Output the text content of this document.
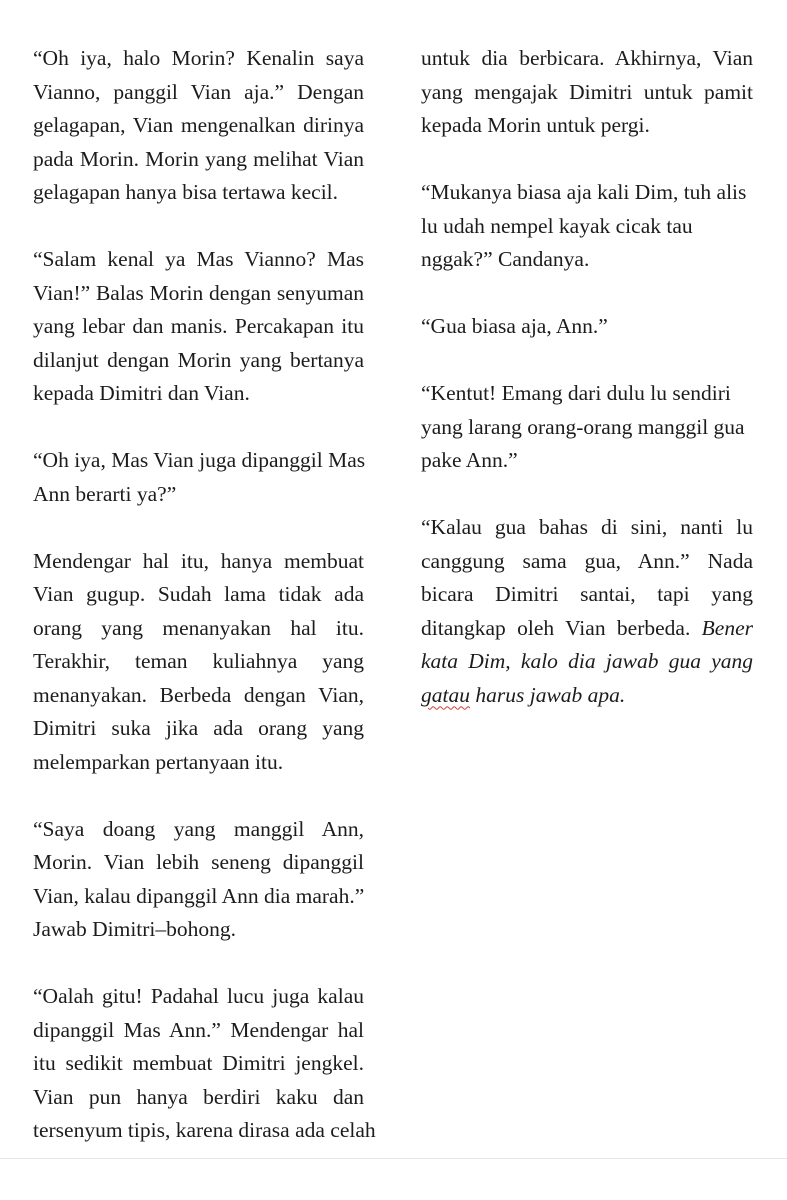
“Oh iya, halo Morin? Kenalin saya
Vianno, panggil Vian aja.” Dengan
gelagapan, Vian mengenalkan dirinya
pada Morin. Morin yang melihat Vian
gelagapan hanya bisa tertawa kecil.
“Salam kenal ya Mas Vianno? Mas
Vian!” Balas Morin dengan senyuman
yang lebar dan manis. Percakapan itu
dilanjut dengan Morin yang bertanya
kepada Dimitri dan Vian.
“Oh iya, Mas Vian juga dipanggil Mas
Ann berarti ya?”
Mendengar hal itu, hanya membuat
Vian gugup. Sudah lama tidak ada
orang yang menanyakan hal itu.
Terakhir, teman kuliahnya yang
menanyakan. Berbeda dengan Vian,
Dimitri suka jika ada orang yang
melemparkan pertanyaan itu.
“Saya doang yang manggil Ann,
Morin. Vian lebih seneng dipanggil
Vian, kalau dipanggil Ann dia marah.”
Jawab Dimitri–bohong.
“Oalah gitu! Padahal lucu juga kalau
dipanggil Mas Ann.” Mendengar hal
itu sedikit membuat Dimitri jengkel.
Vian pun hanya berdiri kaku dan
tersenyum tipis, karena dirasa ada celah
untuk dia berbicara. Akhirnya, Vian
yang mengajak Dimitri untuk pamit
kepada Morin untuk pergi.
“Mukanya biasa aja kali Dim, tuh alis
lu udah nempel kayak cicak tau
nggak?” Candanya.
“Gua biasa aja, Ann.”
“Kentut! Emang dari dulu lu sendiri
yang larang orang-orang manggil gua
pake Ann.”
“Kalau gua bahas di sini, nanti lu
canggung sama gua, Ann.” Nada
bicara Dimitri santai, tapi yang
ditangkap oleh Vian berbeda. Bener
kata Dim, kalo dia jawab gua yang
gatau harus jawab apa.
